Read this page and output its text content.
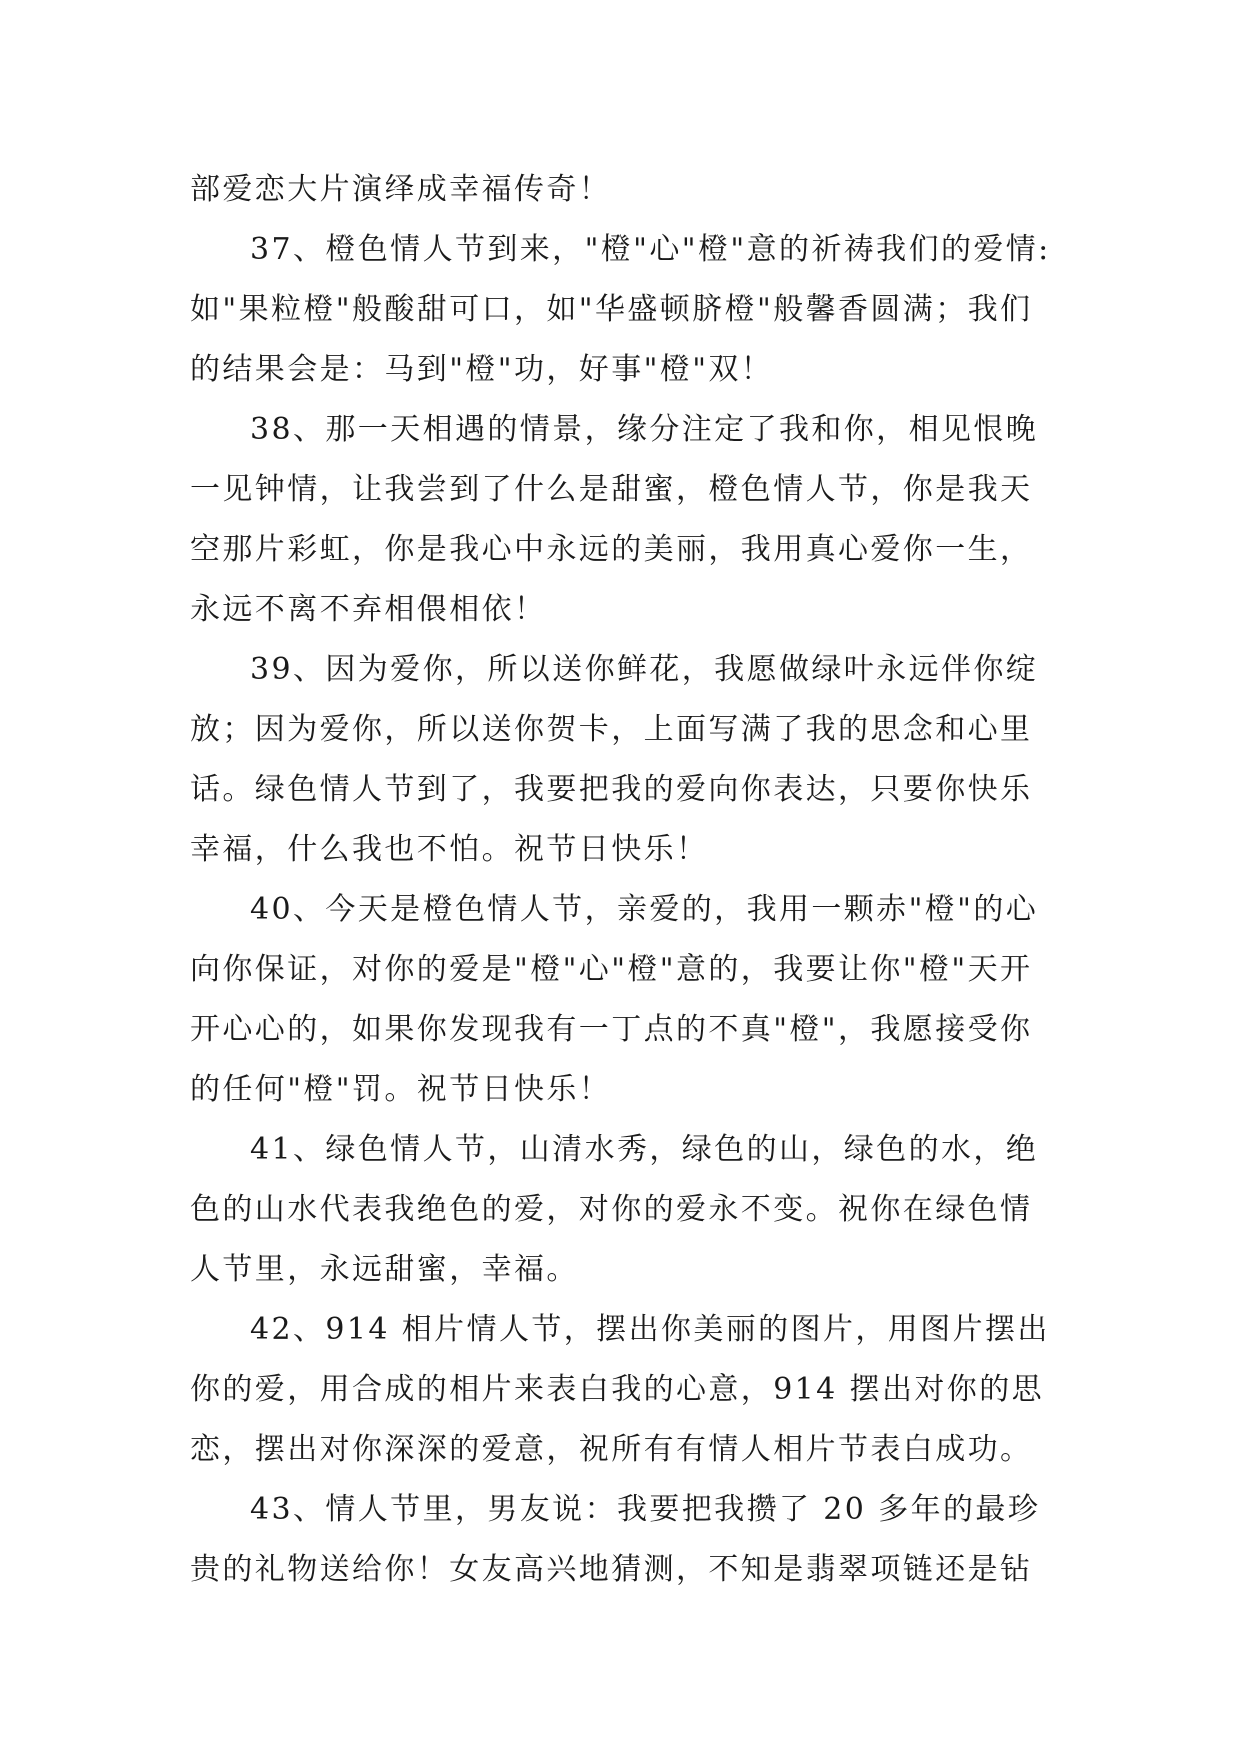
部爱恋大片演绎成幸福传奇！
37、橙色情人节到来，"橙"心"橙"意的祈祷我们的爱情:
如"果粒橙"般酸甜可口，如"华盛顿脐橙"般馨香圆满；我们
的结果会是：马到"橙"功，好事"橙"双！
38、那一天相遇的情景，缘分注定了我和你，相见恨晚
一见钟情，让我尝到了什么是甜蜜，橙色情人节，你是我天
空那片彩虹，你是我心中永远的美丽，我用真心爱你一生，
永远不离不弃相偎相依！
39、因为爱你，所以送你鲜花，我愿做绿叶永远伴你绽
放；因为爱你，所以送你贺卡，上面写满了我的思念和心里
话。绿色情人节到了，我要把我的爱向你表达，只要你快乐
幸福，什么我也不怕。祝节日快乐！
40、今天是橙色情人节，亲爱的，我用一颗赤"橙"的心
向你保证，对你的爱是"橙"心"橙"意的，我要让你"橙"天开
开心心的，如果你发现我有一丁点的不真"橙"，我愿接受你
的任何"橙"罚。祝节日快乐！
41、绿色情人节，山清水秀，绿色的山，绿色的水，绝
色的山水代表我绝色的爱，对你的爱永不变。祝你在绿色情
人节里，永远甜蜜，幸福。
42、914 相片情人节，摆出你美丽的图片，用图片摆出
你的爱，用合成的相片来表白我的心意，914 摆出对你的思
恋，摆出对你深深的爱意，祝所有有情人相片节表白成功。
43、情人节里，男友说：我要把我攒了 20 多年的最珍
贵的礼物送给你！女友高兴地猜测，不知是翡翠项链还是钻
